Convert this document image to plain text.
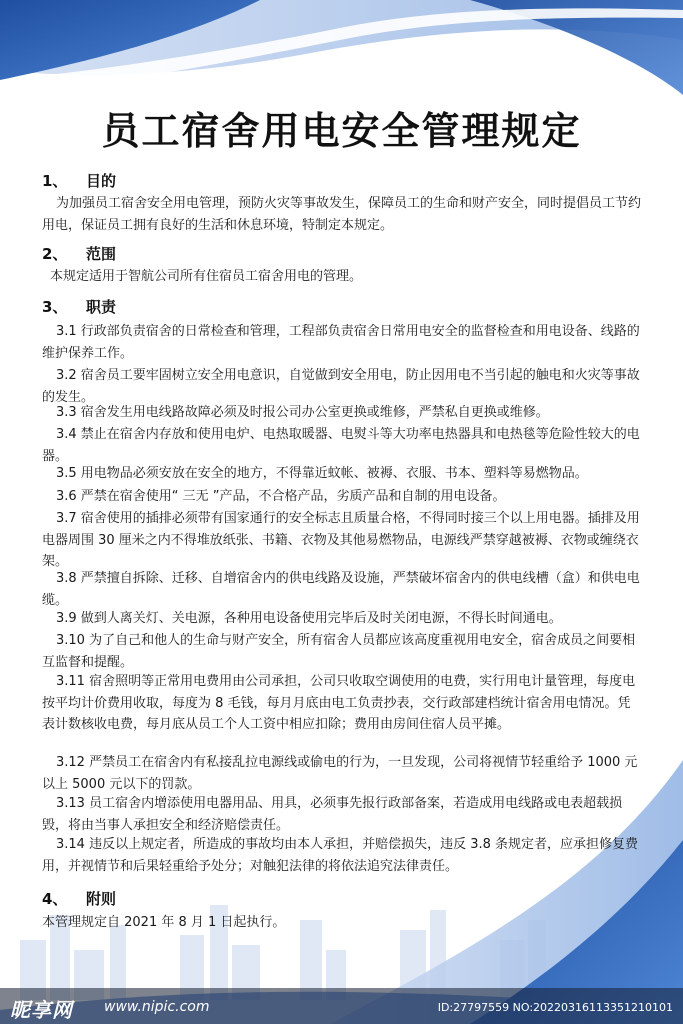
员工宿舍用电安全管理规定
1、 目的
为加强员工宿舍安全用电管理，预防火灾等事故发生，保障员工的生命和财产安全，同时提倡员工节约用电，保证员工拥有良好的生活和休息环境，特制定本规定。
2、 范围
本规定适用于智航公司所有住宿员工宿舍用电的管理。
3、 职责
3.1 行政部负责宿舍的日常检查和管理，工程部负责宿舍日常用电安全的监督检查和用电设备、线路的维护保养工作。
3.2 宿舍员工要牢固树立安全用电意识，自觉做到安全用电，防止因用电不当引起的触电和火灾等事故的发生。
3.3 宿舍发生用电线路故障必须及时报公司办公室更换或维修，严禁私自更换或维修。
3.4 禁止在宿舍内存放和使用电炉、电热取暖器、电熨斗等大功率电热器具和电热毯等危险性较大的电器。
3.5 用电物品必须安放在安全的地方，不得靠近蚊帐、被褥、衣服、书本、塑料等易燃物品。
3.6 严禁在宿舍使用“ 三无 ”产品，不合格产品，劣质产品和自制的用电设备。
3.7 宿舍使用的插排必须带有国家通行的安全标志且质量合格，不得同时接三个以上用电器。插排及用电器周围 30 厘米之内不得堆放纸张、书籍、衣物及其他易燃物品，电源线严禁穿越被褥、衣物或缠绕衣架。
3.8 严禁擅自拆除、迁移、自增宿舍内的供电线路及设施，严禁破坏宿舍内的供电线槽（盒）和供电电缆。
3.9 做到人离关灯、关电源，各种用电设备使用完毕后及时关闭电源，不得长时间通电。
3.10 为了自己和他人的生命与财产安全，所有宿舍人员都应该高度重视用电安全，宿舍成员之间要相互监督和提醒。
3.11 宿舍照明等正常用电费用由公司承担，公司只收取空调使用的电费，实行用电计量管理，每度电按平均计价费用收取，每度为 8 毛钱，每月月底由电工负责抄表，交行政部建档统计宿舍用电情况。凭表计数核收电费，每月底从员工个人工资中相应扣除；费用由房间住宿人员平摊。
3.12 严禁员工在宿舍内有私接乱拉电源线或偷电的行为，一旦发现，公司将视情节轻重给予 1000 元以上 5000 元以下的罚款。
3.13 员工宿舍内增添使用电器用品、用具，必须事先报行政部备案，若造成用电线路或电表超载损毁，将由当事人承担安全和经济赔偿责任。
3.14 违反以上规定者，所造成的事故均由本人承担，并赔偿损失，违反 3.8 条规定者，应承担修复费用，并视情节和后果轻重给予处分；对触犯法律的将依法追究法律责任。
4、 附则
本管理规定自 2021 年 8 月 1 日起执行。
昵享网 www.nipic.com	ID:27797559 NO:20220316113351210101
